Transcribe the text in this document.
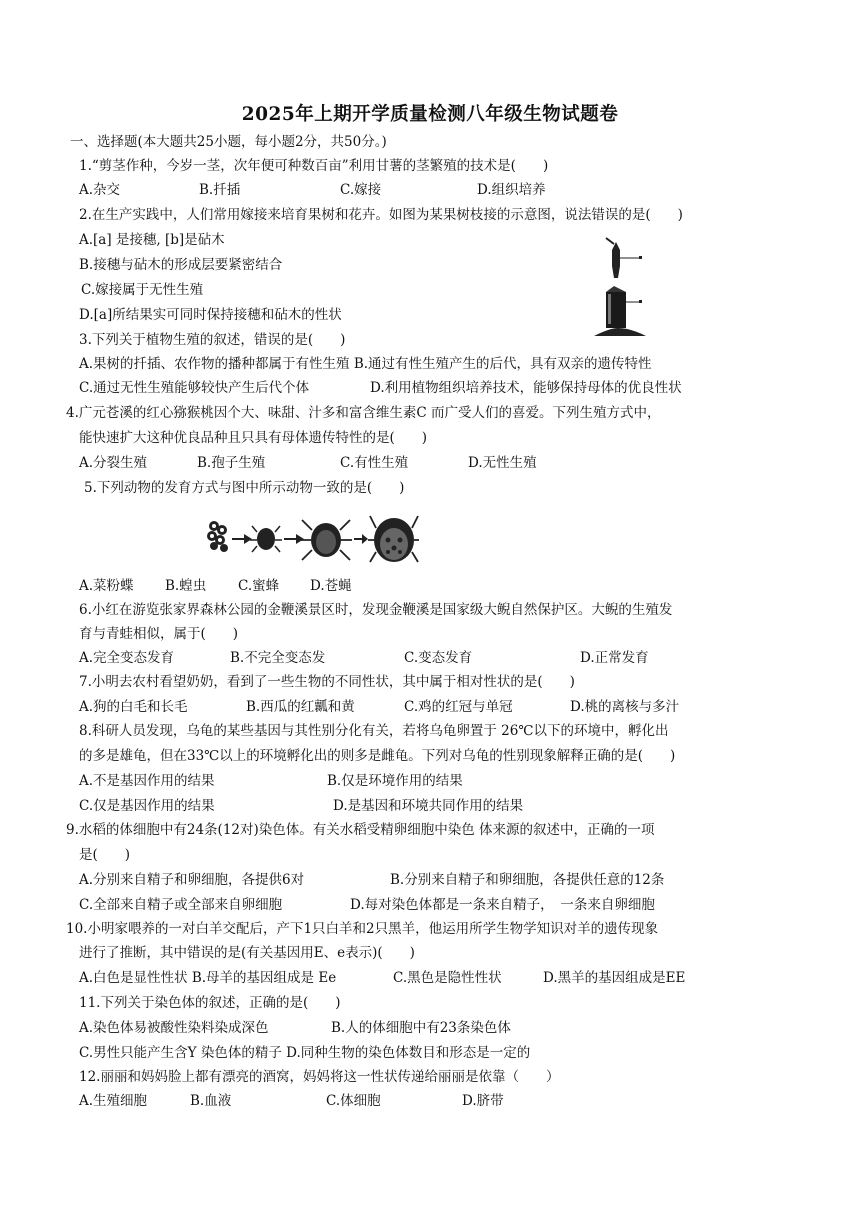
2025年上期开学质量检测八年级生物试题卷
一、选择题(本大题共25小题，每小题2分，共50分。)
1.“剪茎作种，今岁一茎，次年便可种数百亩”利用甘薯的茎繁殖的技术是(　　)
A.杂交	B.扦插	C.嫁接	D.组织培养
2.在生产实践中，人们常用嫁接来培育果树和花卉。如图为某果树枝接的示意图，说法错误的是(　　)
A.[a] 是接穗, [b]是砧木
B.接穗与砧木的形成层要紧密结合
C.嫁接属于无性生殖
D.[a]所结果实可同时保持接穗和砧木的性状
3.下列关于植物生殖的叙述，错误的是(　　)
A.果树的扦插、农作物的播种都属于有性生殖 B.通过有性生殖产生的后代，具有双亲的遗传特性
C.通过无性生殖能够较快产生后代个体	D.利用植物组织培养技术，能够保持母体的优良性状
4.广元苍溪的红心猕猴桃因个大、味甜、汁多和富含维生素C 而广受人们的喜爱。下列生殖方式中，
能快速扩大这种优良品种且只具有母体遗传特性的是(　　)
A.分裂生殖	B.孢子生殖	C.有性生殖	D.无性生殖
5.下列动物的发育方式与图中所示动物一致的是(　　)
A.菜粉蝶 B.蝗虫 C.蜜蜂 D.苍蝇
6.小红在游览张家界森林公园的金鞭溪景区时，发现金鞭溪是国家级大鲵自然保护区。大鲵的生殖发
育与青蛙相似，属于(　　)
A.完全变态发育	B.不完全变态发	C.变态发育	D.正常发育
7.小明去农村看望奶奶，看到了一些生物的不同性状，其中属于相对性状的是(　　)
A.狗的白毛和长毛	B.西瓜的红瓤和黄	C.鸡的红冠与单冠	D.桃的离核与多汁
8.科研人员发现，乌龟的某些基因与其性别分化有关，若将乌龟卵置于 26℃以下的环境中，孵化出
的多是雄龟，但在33℃以上的环境孵化出的则多是雌龟。下列对乌龟的性别现象解释正确的是(　　)
A.不是基因作用的结果	B.仅是环境作用的结果
C.仅是基因作用的结果	D.是基因和环境共同作用的结果
9.水稻的体细胞中有24条(12对)染色体。有关水稻受精卵细胞中染色 体来源的叙述中，正确的一项
是(　　)
A.分别来自精子和卵细胞，各提供6对	B.分别来自精子和卵细胞，各提供任意的12条
C.全部来自精子或全部来自卵细胞	D.每对染色体都是一条来自精子，　一条来自卵细胞
10.小明家喂养的一对白羊交配后，产下1只白羊和2只黑羊，他运用所学生物学知识对羊的遗传现象
进行了推断，其中错误的是(有关基因用E、e表示)(　　)
A.白色是显性性状 B.母羊的基因组成是 Ee	C.黑色是隐性性状	D.黑羊的基因组成是EE
11.下列关于染色体的叙述，正确的是(　　)
A.染色体易被酸性染料染成深色	B.人的体细胞中有23条染色体
C.男性只能产生含Y 染色体的精子 D.同种生物的染色体数目和形态是一定的
12.丽丽和妈妈脸上都有漂亮的酒窝，妈妈将这一性状传递给丽丽是依靠（　　）
A.生殖细胞	B.血液	C.体细胞	D.脐带
